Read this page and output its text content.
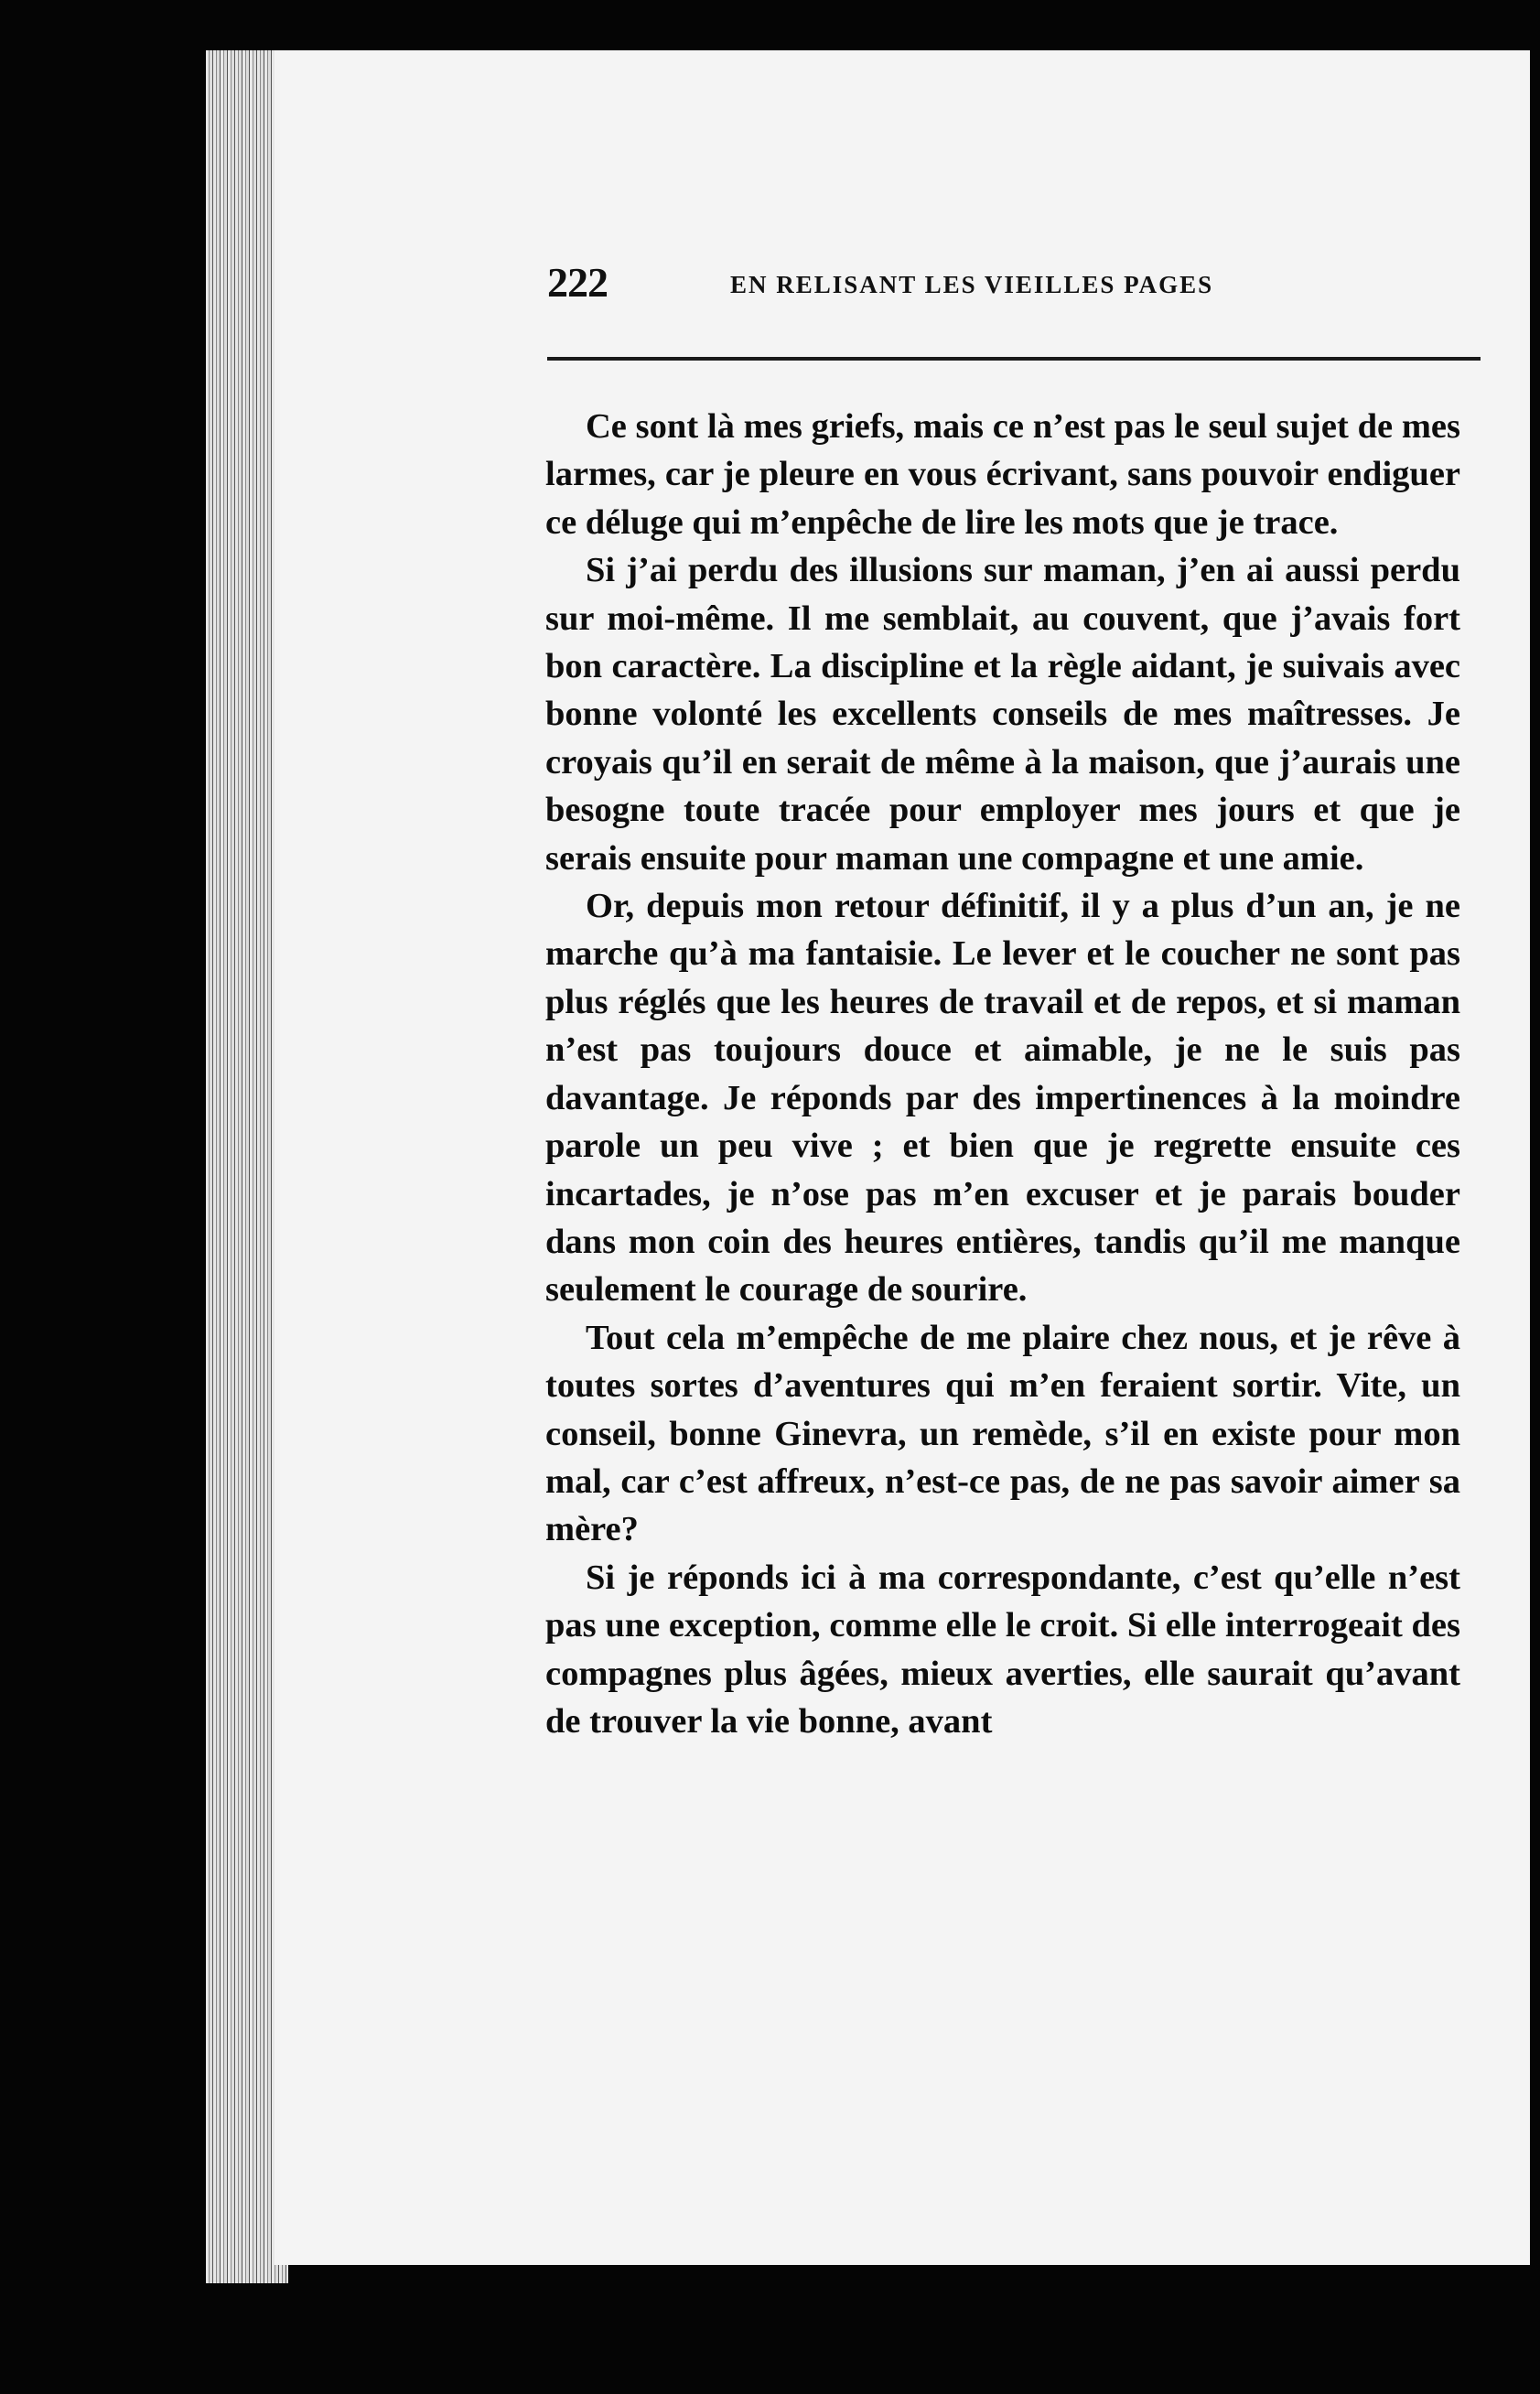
222	EN RELISANT LES VIEILLES PAGES

Ce sont là mes griefs, mais ce n’est pas le seul sujet de mes larmes, car je pleure en vous écrivant, sans pouvoir endiguer ce déluge qui m’enpêche de lire les mots que je trace.

Si j’ai perdu des illusions sur maman, j’en ai aussi perdu sur moi-même. Il me semblait, au couvent, que j’avais fort bon caractère. La discipline et la règle aidant, je suivais avec bonne volonté les excellents conseils de mes maîtresses. Je croyais qu’il en serait de même à la maison, que j’aurais une besogne toute tracée pour employer mes jours et que je serais ensuite pour maman une compagne et une amie.

Or, depuis mon retour définitif, il y a plus d’un an, je ne marche qu’à ma fantaisie. Le lever et le coucher ne sont pas plus réglés que les heures de travail et de repos, et si maman n’est pas toujours douce et aimable, je ne le suis pas davantage. Je réponds par des impertinences à la moindre parole un peu vive ; et bien que je regrette ensuite ces incartades, je n’ose pas m’en excuser et je parais bouder dans mon coin des heures entières, tandis qu’il me manque seulement le courage de sourire.

Tout cela m’empêche de me plaire chez nous, et je rêve à toutes sortes d’aventures qui m’en feraient sortir. Vite, un conseil, bonne Ginevra, un remède, s’il en existe pour mon mal, car c’est affreux, n’est-ce pas, de ne pas savoir aimer sa mère?

Si je réponds ici à ma correspondante, c’est qu’elle n’est pas une exception, comme elle le croit. Si elle interrogeait des compagnes plus âgées, mieux averties, elle saurait qu’avant de trouver la vie bonne, avant
